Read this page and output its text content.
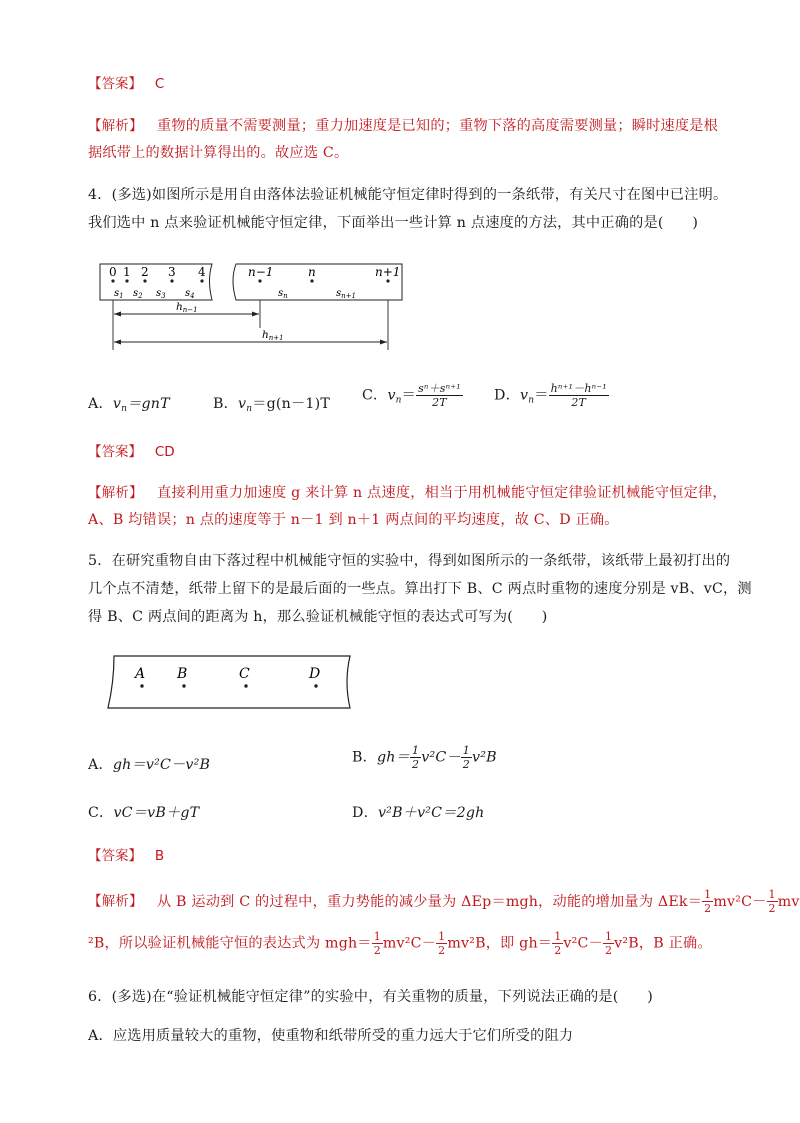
【答案】 C
【解析】 重物的质量不需要测量；重力加速度是已知的；重物下落的高度需要测量；瞬时速度是根
据纸带上的数据计算得出的。故应选 C。
4．(多选)如图所示是用自由落体法验证机械能守恒定律时得到的一条纸带，有关尺寸在图中已注明。
我们选中 n 点来验证机械能守恒定律，下面举出一些计算 n 点速度的方法，其中正确的是(　　)
0 1 2 3 4	n−1	n	n+1
$s_1$ $s_2$ $s_3$ $s_4$	$s_n$	$s_{n+1}$
hn−1
hn+1
A．$v_n=gnT$	B．$v_n=g(n-1)T$
C．$v_n= \frac{\text{sⁿ＋sⁿ⁺¹}}{2T}$ D．$v_n= \frac{\text{hⁿ⁺¹－hⁿ⁻¹}}{2T}$
【答案】 CD
【解析】 直接利用重力加速度 g 来计算 n 点速度，相当于用机械能守恒定律验证机械能守恒定律，
A、B 均错误；n 点的速度等于 n－1 到 n＋1 两点间的平均速度，故 C、D 正确。
5．在研究重物自由下落过程中机械能守恒的实验中，得到如图所示的一条纸带，该纸带上最初打出的
几个点不清楚，纸带上留下的是最后面的一些点。算出打下 B、C 两点时重物的速度分别是 vB、vC，测
得 B、C 两点间的距离为 h，那么验证机械能守恒的表达式可写为(　　)
A B	C	D
A．gh＝v²C－v²B	B．$gh= \frac{1}{2} v^2C- \frac{1}{2} v^2B$
C．vC＝vB＋gT	D．v²B＋v²C＝2gh
【答案】 B
【解析】 从 B 运动到 C 的过程中，重力势能的减少量为 ΔEp＝mgh，动能的增加量为 $\Delta Ek= \frac{1}{2} mv^2C- \frac{1}{2}$ mv
²B，所以验证机械能守恒的表达式为 $mgh= \frac{1}{2} mv^2C- \frac{1}{2} mv^2B$，即 $gh= \frac{1}{2} v^2C- \frac{1}{2} v^2B$，B 正确。
6．(多选)在“验证机械能守恒定律”的实验中，有关重物的质量，下列说法正确的是(　　)
A．应选用质量较大的重物，使重物和纸带所受的重力远大于它们所受的阻力
